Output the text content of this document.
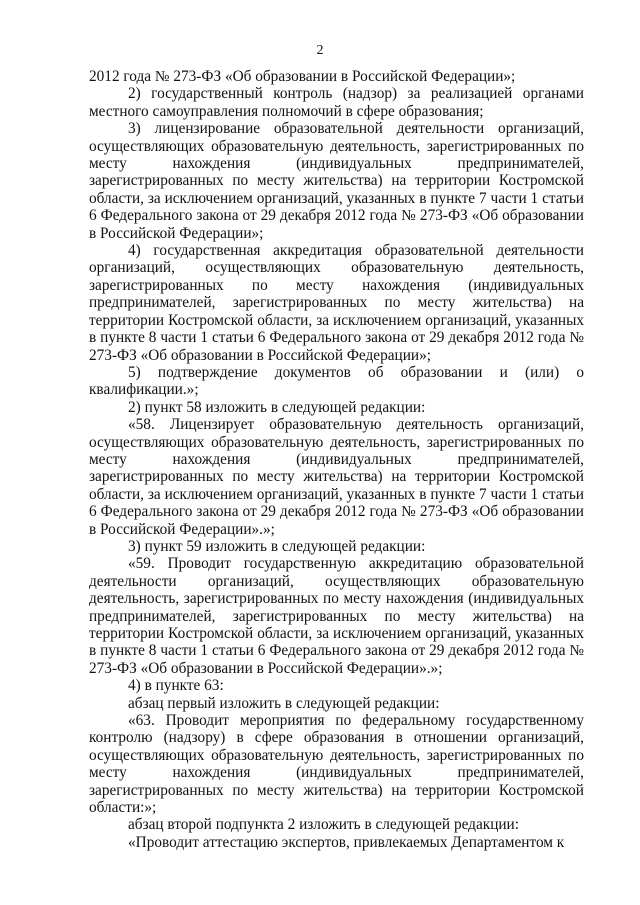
2

2012 года № 273-ФЗ «Об образовании в Российской Федерации»;

2) государственный контроль (надзор) за реализацией органами местного самоуправления полномочий в сфере образования;

3) лицензирование образовательной деятельности организаций, осуществляющих образовательную деятельность, зарегистрированных по месту нахождения (индивидуальных предпринимателей, зарегистрированных по месту жительства) на территории Костромской области, за исключением организаций, указанных в пункте 7 части 1 статьи 6 Федерального закона от 29 декабря 2012 года № 273-ФЗ «Об образовании в Российской Федерации»;

4) государственная аккредитация образовательной деятельности организаций, осуществляющих образовательную деятельность, зарегистрированных по месту нахождения (индивидуальных предпринимателей, зарегистрированных по месту жительства) на территории Костромской области, за исключением организаций, указанных в пункте 8 части 1 статьи 6 Федерального закона от 29 декабря 2012 года № 273-ФЗ «Об образовании в Российской Федерации»;

5) подтверждение документов об образовании и (или) о квалификации.»;

2) пункт 58 изложить в следующей редакции:

«58. Лицензирует образовательную деятельность организаций, осуществляющих образовательную деятельность, зарегистрированных по месту нахождения (индивидуальных предпринимателей, зарегистрированных по месту жительства) на территории Костромской области, за исключением организаций, указанных в пункте 7 части 1 статьи 6 Федерального закона от 29 декабря 2012 года № 273-ФЗ «Об образовании в Российской Федерации».»;

3) пункт 59 изложить в следующей редакции:

«59. Проводит государственную аккредитацию образовательной деятельности организаций, осуществляющих образовательную деятельность, зарегистрированных по месту нахождения (индивидуальных предпринимателей, зарегистрированных по месту жительства) на территории Костромской области, за исключением организаций, указанных в пункте 8 части 1 статьи 6 Федерального закона от 29 декабря 2012 года № 273-ФЗ «Об образовании в Российской Федерации».»;

4) в пункте 63:

абзац первый изложить в следующей редакции:

«63. Проводит мероприятия по федеральному государственному контролю (надзору) в сфере образования в отношении организаций, осуществляющих образовательную деятельность, зарегистрированных по месту нахождения (индивидуальных предпринимателей, зарегистрированных по месту жительства) на территории Костромской области:»;

абзац второй подпункта 2 изложить в следующей редакции:

«Проводит аттестацию экспертов, привлекаемых Департаментом к
